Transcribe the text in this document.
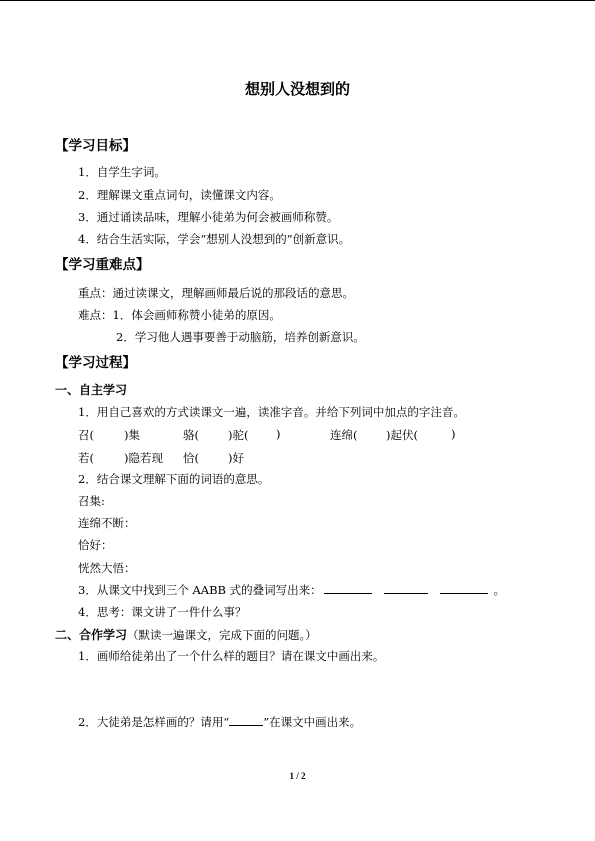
想别人没想到的
【学习目标】
1．自学生字词。
2．理解课文重点词句，读懂课文内容。
3．通过诵读品味，理解小徒弟为何会被画师称赞。
4．结合生活实际，学会“想别人没想到的”创新意识。
【学习重难点】
重点：通过读课文，理解画师最后说的那段话的意思。
难点：1．体会画师称赞小徒弟的原因。
2．学习他人遇事要善于动脑筋，培养创新意识。
【学习过程】
一、自主学习
1．用自己喜欢的方式读课文一遍，读准字音。并给下列词中加点的字注音。
召(	)集	骆(	)驼( )	连绵( )起伏(	)
若(	)隐若现 恰(	)好
2．结合课文理解下面的词语的意思。
召集:
连绵不断：
恰好：
恍然大悟：
3．从课文中找到三个 AABB 式的叠词写出来：	。
4．思考：课文讲了一件什么事？
二、合作学习（默读一遍课文，完成下面的问题。）
1．画师给徒弟出了一个什么样的题目？请在课文中画出来。
2．大徒弟是怎样画的？请用“	”在课文中画出来。
1 / 2
